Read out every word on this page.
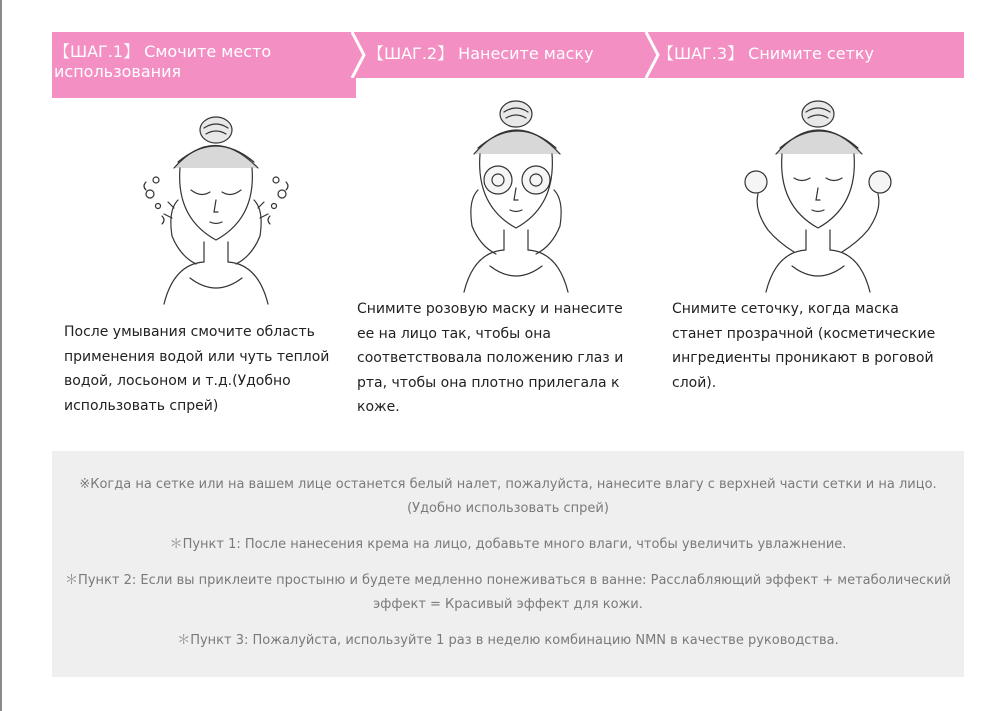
【ШАГ.1】 Смочите место использования
【ШАГ.2】 Нанесите маску	【ШАГ.3】 Снимите сетку
После умывания смочите область применения водой или чуть теплой водой, лосьоном и т.д.(Удобно использовать спрей)
Снимите розовую маску и нанесите ее на лицо так, чтобы она соответствовала положению глаз и рта, чтобы она плотно прилегала к коже.
Снимите сеточку, когда маска станет прозрачной (косметические ингредиенты проникают в роговой слой).

※Когда на сетке или на вашем лице останется белый налет, пожалуйста, нанесите влагу с верхней части сетки и на лицо. (Удобно использовать спрей)

＊Пункт 1: После нанесения крема на лицо, добавьте много влаги, чтобы увеличить увлажнение.

＊Пункт 2: Если вы приклеите простыню и будете медленно понеживаться в ванне: Расслабляющий эффект + метаболический эффект = Красивый эффект для кожи.

＊Пункт 3: Пожалуйста, используйте 1 раз в неделю комбинацию NMN в качестве руководства.
